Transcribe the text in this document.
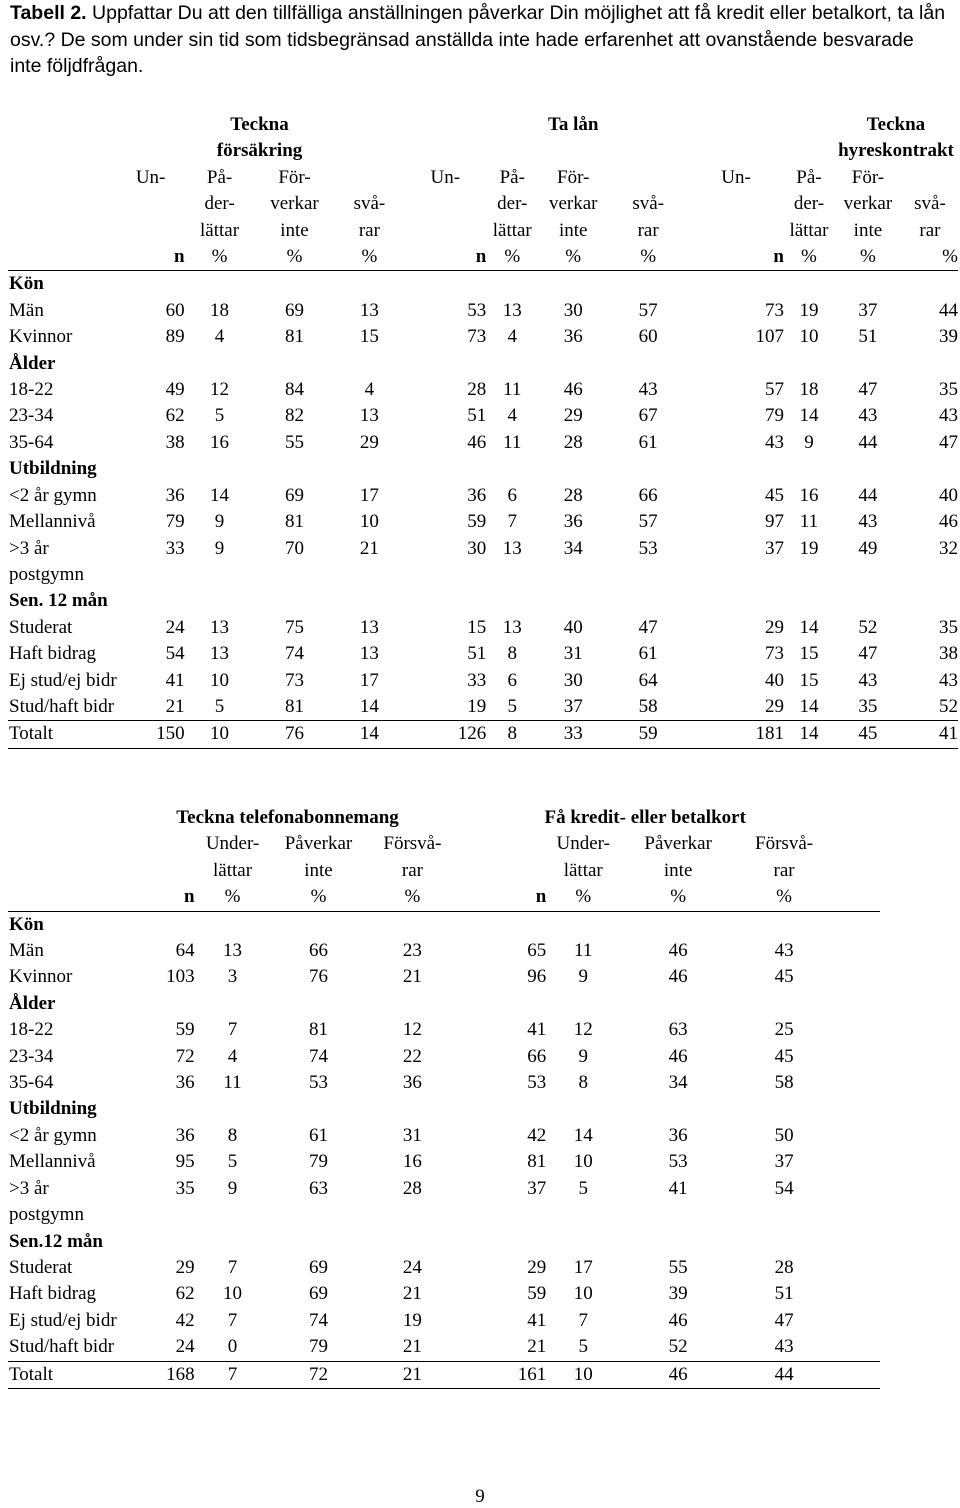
Tabell 2. Uppfattar Du att den tillfälliga anställningen påverkar Din möjlighet att få kredit eller betalkort, ta lån osv.? De som under sin tid som tidsbegränsad anställda inte hade erfarenhet att ovanstående besvarade inte följdfrågan.
		Teckna					Ta lån				Teckna	
		försäkring									hyreskontrakt	
	Un-	På-	För-		Un-	På-	För-		Un-	På-	För-	
		der-	verkar	svå-		der-	verkar	svå-		der-	verkar	svå-
		lättar	inte	rar		lättar	inte	rar		lättar	inte	rar
	n	%	%	%	n	%	%	%	n	%	%	%
Kön												
Män	60	18	69	13	53	13	30	57	73	19	37	44
Kvinnor	89	4	81	15	73	4	36	60	107	10	51	39
Ålder												
18-22	49	12	84	4	28	11	46	43	57	18	47	35
23-34	62	5	82	13	51	4	29	67	79	14	43	43
35-64	38	16	55	29	46	11	28	61	43	9	44	47
Utbildning												
<2 år gymn	36	14	69	17	36	6	28	66	45	16	44	40
Mellannivå	79	9	81	10	59	7	36	57	97	11	43	46
>3 år	33	9	70	21	30	13	34	53	37	19	49	32
postgymn												
Sen. 12 mån												
Studerat	24	13	75	13	15	13	40	47	29	14	52	35
Haft bidrag	54	13	74	13	51	8	31	61	73	15	47	38
Ej stud/ej bidr	41	10	73	17	33	6	30	64	40	15	43	43
Stud/haft bidr	21	5	81	14	19	5	37	58	29	14	35	52
Totalt	150	10	76	14	126	8	33	59	181	14	45	41
	Teckna telefonabonnemang				Få kredit- eller betalkort				
		Under-	Påverkar	Försvå-		Under-	Påverkar	Försvå-	
		lättar	inte	rar		lättar	inte	rar	
	n	%	%	%	n	%	%	%	
Kön									
Män	64	13	66	23	65	11	46	43	
Kvinnor	103	3	76	21	96	9	46	45	
Ålder									
18-22	59	7	81	12	41	12	63	25	
23-34	72	4	74	22	66	9	46	45	
35-64	36	11	53	36	53	8	34	58	
Utbildning									
<2 år gymn	36	8	61	31	42	14	36	50	
Mellannivå	95	5	79	16	81	10	53	37	
>3 år	35	9	63	28	37	5	41	54	
postgymn									
Sen.12 mån									
Studerat	29	7	69	24	29	17	55	28	
Haft bidrag	62	10	69	21	59	10	39	51	
Ej stud/ej bidr	42	7	74	19	41	7	46	47	
Stud/haft bidr	24	0	79	21	21	5	52	43	
Totalt	168	7	72	21	161	10	46	44	
9
